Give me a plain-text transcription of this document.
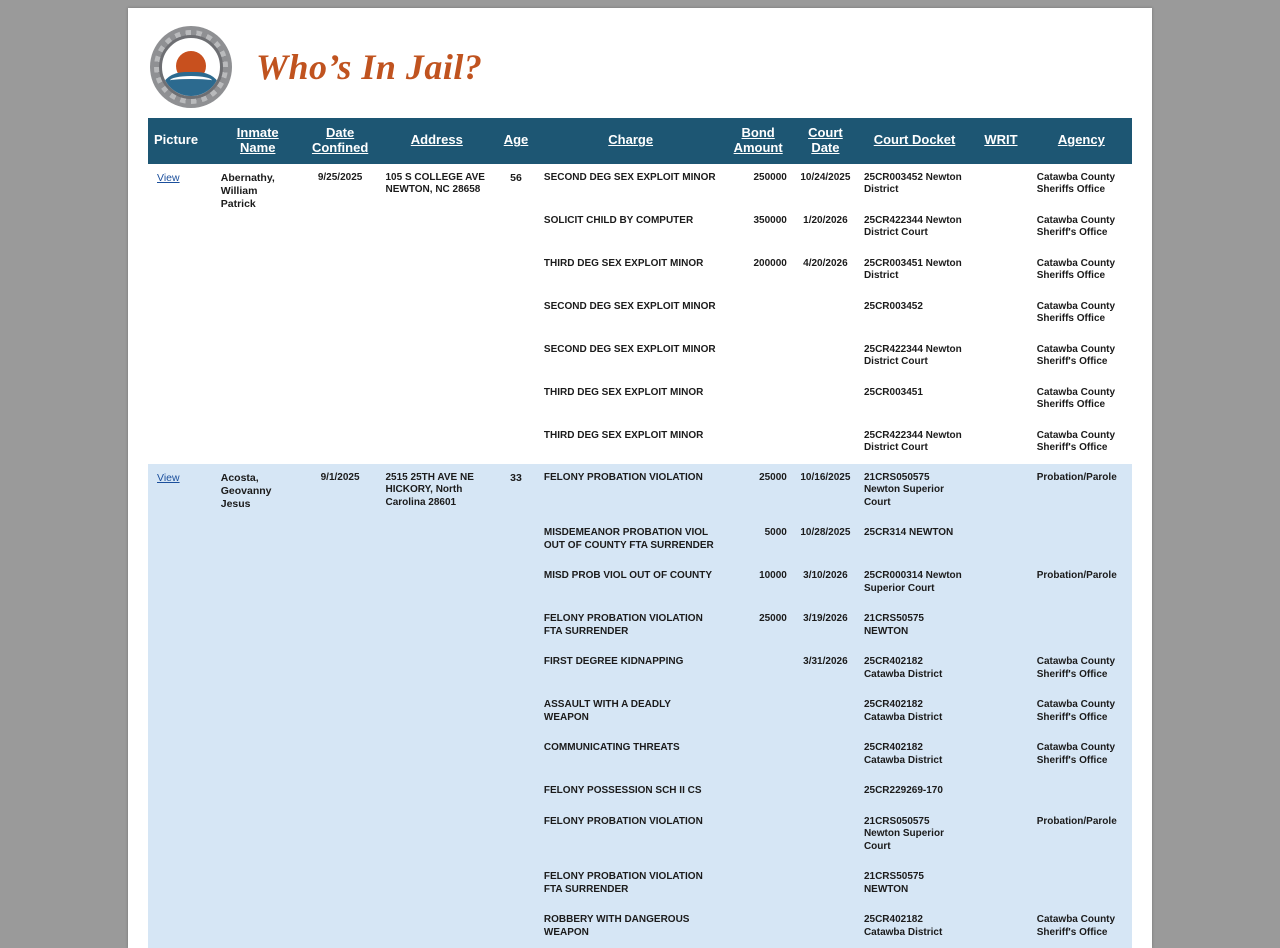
Who’s In Jail?
Picture	Inmate Name	Date Confined	Address	Age	Charge	Bond Amount	Court Date	Court Docket	WRIT	Agency
View	Abernathy, William Patrick	9/25/2025	105 S COLLEGE AVE NEWTON, NC 28658	56	SECOND DEG SEX EXPLOIT MINOR	250000	10/24/2025	25CR003452 Newton District		Catawba County Sheriffs Office
					SOLICIT CHILD BY COMPUTER	350000	1/20/2026	25CR422344 Newton District Court		Catawba County Sheriff's Office
					THIRD DEG SEX EXPLOIT MINOR	200000	4/20/2026	25CR003451 Newton District		Catawba County Sheriffs Office
					SECOND DEG SEX EXPLOIT MINOR			25CR003452		Catawba County Sheriffs Office
					SECOND DEG SEX EXPLOIT MINOR			25CR422344 Newton District Court		Catawba County Sheriff's Office
					THIRD DEG SEX EXPLOIT MINOR			25CR003451		Catawba County Sheriffs Office
					THIRD DEG SEX EXPLOIT MINOR			25CR422344 Newton District Court		Catawba County Sheriff's Office
View	Acosta, Geovanny Jesus	9/1/2025	2515 25TH AVE NE HICKORY, North Carolina 28601	33	FELONY PROBATION VIOLATION	25000	10/16/2025	21CRS050575 Newton Superior Court		Probation/Parole
					MISDEMEANOR PROBATION VIOL OUT OF COUNTY FTA SURRENDER	5000	10/28/2025	25CR314 NEWTON		
					MISD PROB VIOL OUT OF COUNTY	10000	3/10/2026	25CR000314 Newton Superior Court		Probation/Parole
					FELONY PROBATION VIOLATION FTA SURRENDER	25000	3/19/2026	21CRS50575 NEWTON		
					FIRST DEGREE KIDNAPPING		3/31/2026	25CR402182 Catawba District		Catawba County Sheriff's Office
					ASSAULT WITH A DEADLY WEAPON			25CR402182 Catawba District		Catawba County Sheriff's Office
					COMMUNICATING THREATS			25CR402182 Catawba District		Catawba County Sheriff's Office
					FELONY POSSESSION SCH II CS			25CR229269-170		
					FELONY PROBATION VIOLATION			21CRS050575 Newton Superior Court		Probation/Parole
					FELONY PROBATION VIOLATION FTA SURRENDER			21CRS50575 NEWTON		
					ROBBERY WITH DANGEROUS WEAPON			25CR402182 Catawba District		Catawba County Sheriff's Office
